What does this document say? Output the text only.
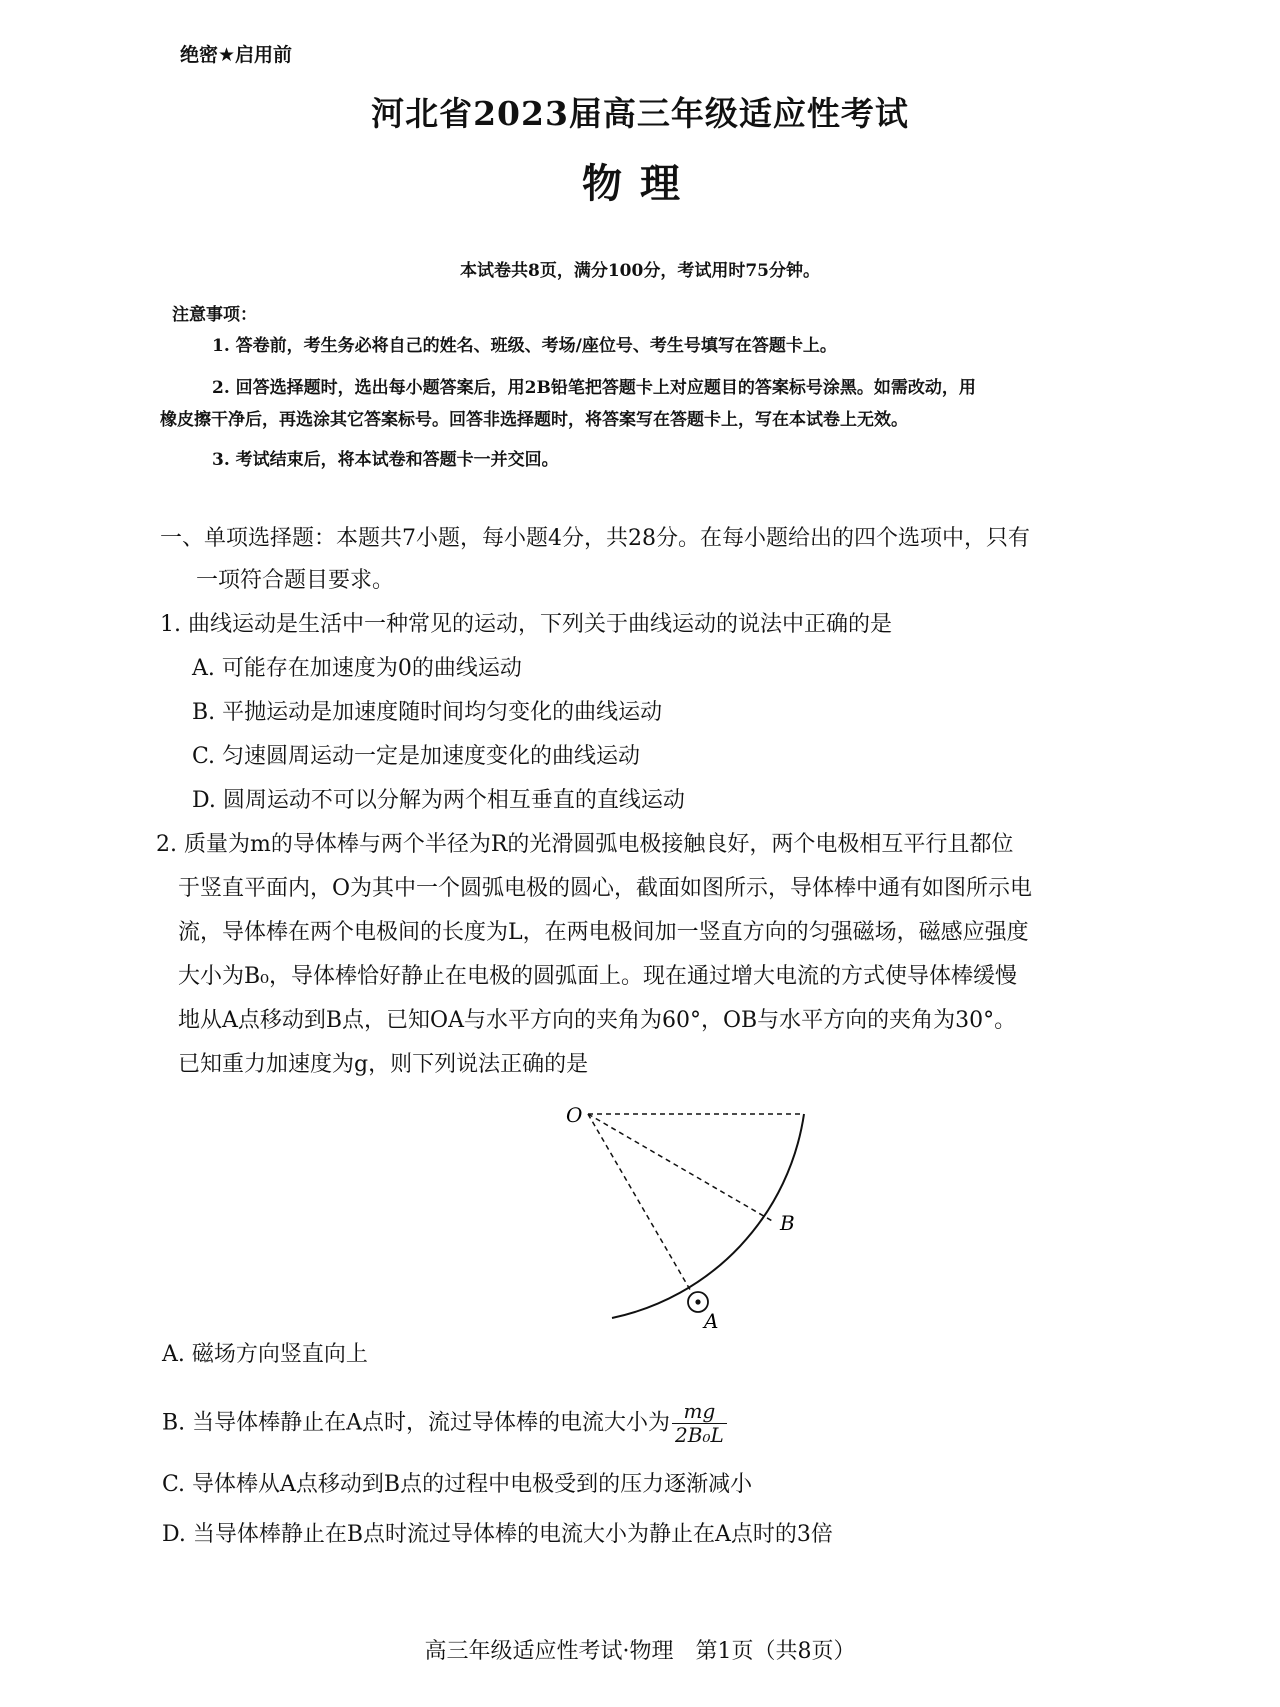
绝密★启用前
河北省2023届高三年级适应性考试
物理
本试卷共8页，满分100分，考试用时75分钟。
注意事项：
1. 答卷前，考生务必将自己的姓名、班级、考场/座位号、考生号填写在答题卡上。
2. 回答选择题时，选出每小题答案后，用2B铅笔把答题卡上对应题目的答案标号涂黑。如需改动，用
橡皮擦干净后，再选涂其它答案标号。回答非选择题时，将答案写在答题卡上，写在本试卷上无效。
3. 考试结束后，将本试卷和答题卡一并交回。
一、单项选择题：本题共7小题，每小题4分，共28分。在每小题给出的四个选项中，只有
一项符合题目要求。
1. 曲线运动是生活中一种常见的运动，下列关于曲线运动的说法中正确的是
A. 可能存在加速度为0的曲线运动
B. 平抛运动是加速度随时间均匀变化的曲线运动
C. 匀速圆周运动一定是加速度变化的曲线运动
D. 圆周运动不可以分解为两个相互垂直的直线运动
2. 质量为m的导体棒与两个半径为R的光滑圆弧电极接触良好，两个电极相互平行且都位
于竖直平面内，O为其中一个圆弧电极的圆心，截面如图所示，导体棒中通有如图所示电
流，导体棒在两个电极间的长度为L，在两电极间加一竖直方向的匀强磁场，磁感应强度
大小为B₀，导体棒恰好静止在电极的圆弧面上。现在通过增大电流的方式使导体棒缓慢
地从A点移动到B点，已知OA与水平方向的夹角为60°，OB与水平方向的夹角为30°。
已知重力加速度为g，则下列说法正确的是
O
B
A
A. 磁场方向竖直向上
B. 当导体棒静止在A点时，流过导体棒的电流大小为 $\frac{mg}{\text{2B₀L}}$
C. 导体棒从A点移动到B点的过程中电极受到的压力逐渐减小
D. 当导体棒静止在B点时流过导体棒的电流大小为静止在A点时的3倍
高三年级适应性考试·物理　第1页（共8页）
